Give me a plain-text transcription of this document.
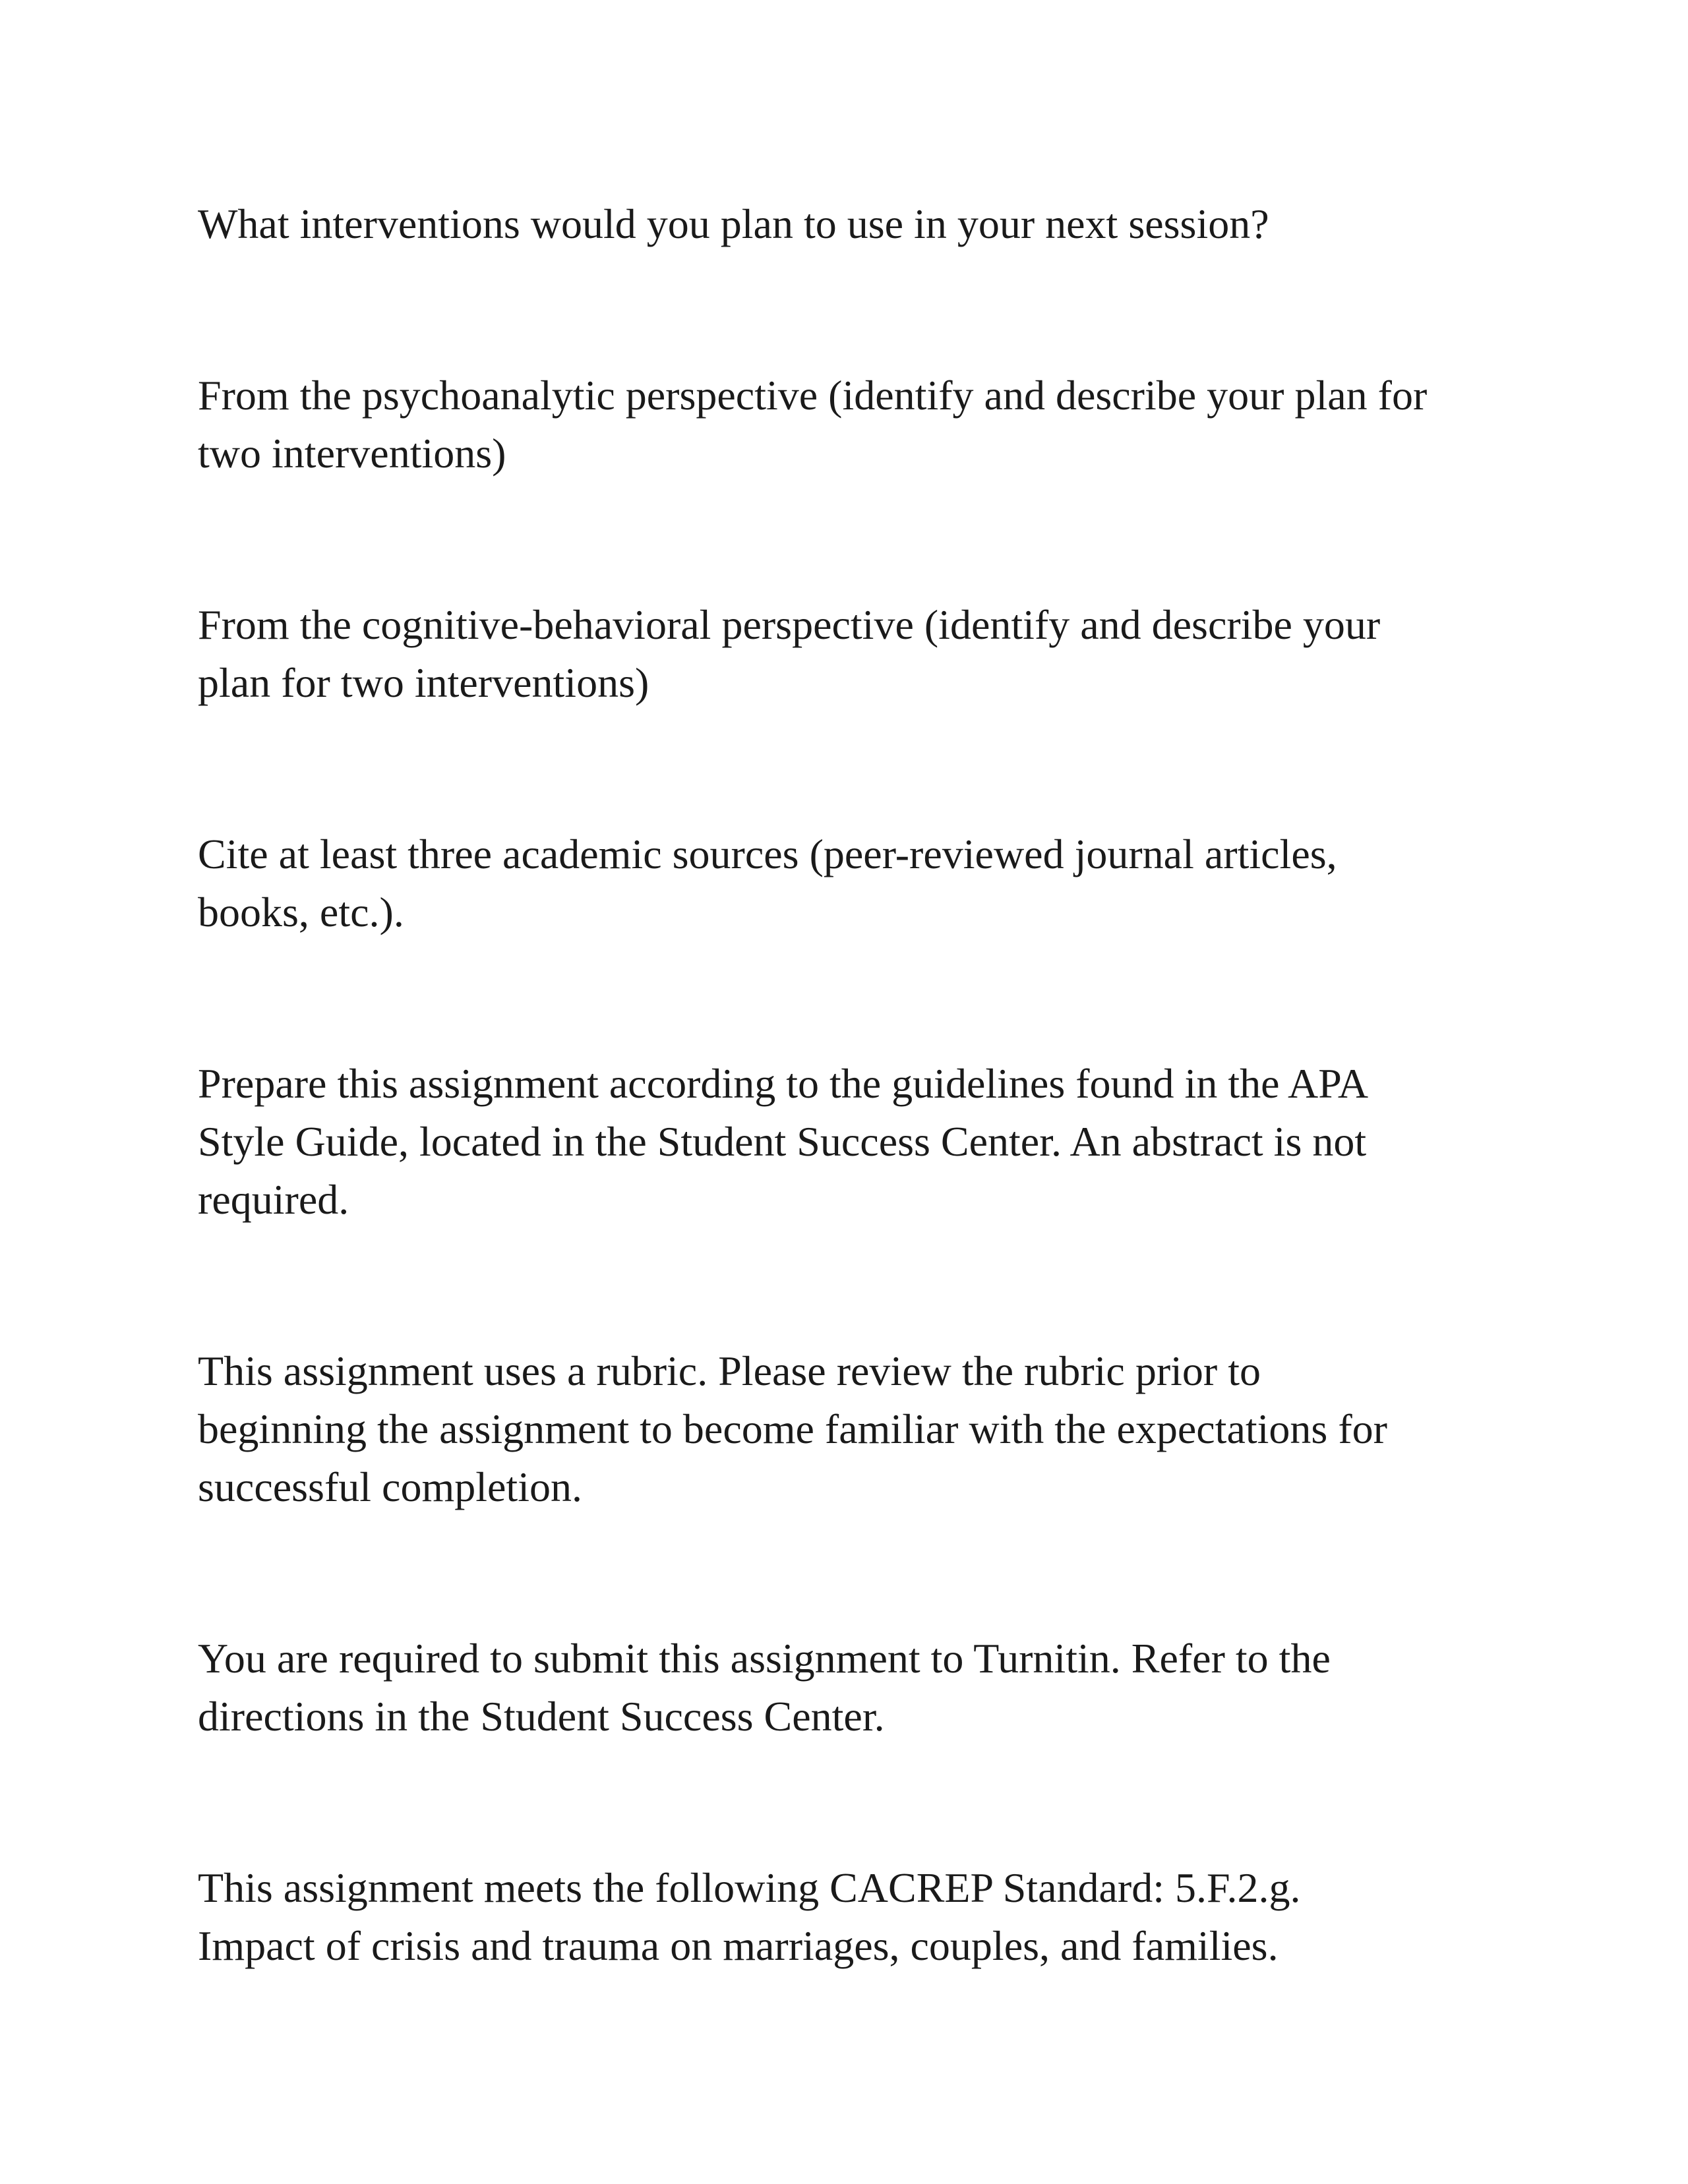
What interventions would you plan to use in your next session?

From the psychoanalytic perspective (identify and describe your plan for
two interventions)

From the cognitive-behavioral perspective (identify and describe your
plan for two interventions)

Cite at least three academic sources (peer-reviewed journal articles,
books, etc.).

Prepare this assignment according to the guidelines found in the APA
Style Guide, located in the Student Success Center. An abstract is not
required.

This assignment uses a rubric. Please review the rubric prior to
beginning the assignment to become familiar with the expectations for
successful completion.

You are required to submit this assignment to Turnitin. Refer to the
directions in the Student Success Center.

This assignment meets the following CACREP Standard: 5.F.2.g.
Impact of crisis and trauma on marriages, couples, and families.
